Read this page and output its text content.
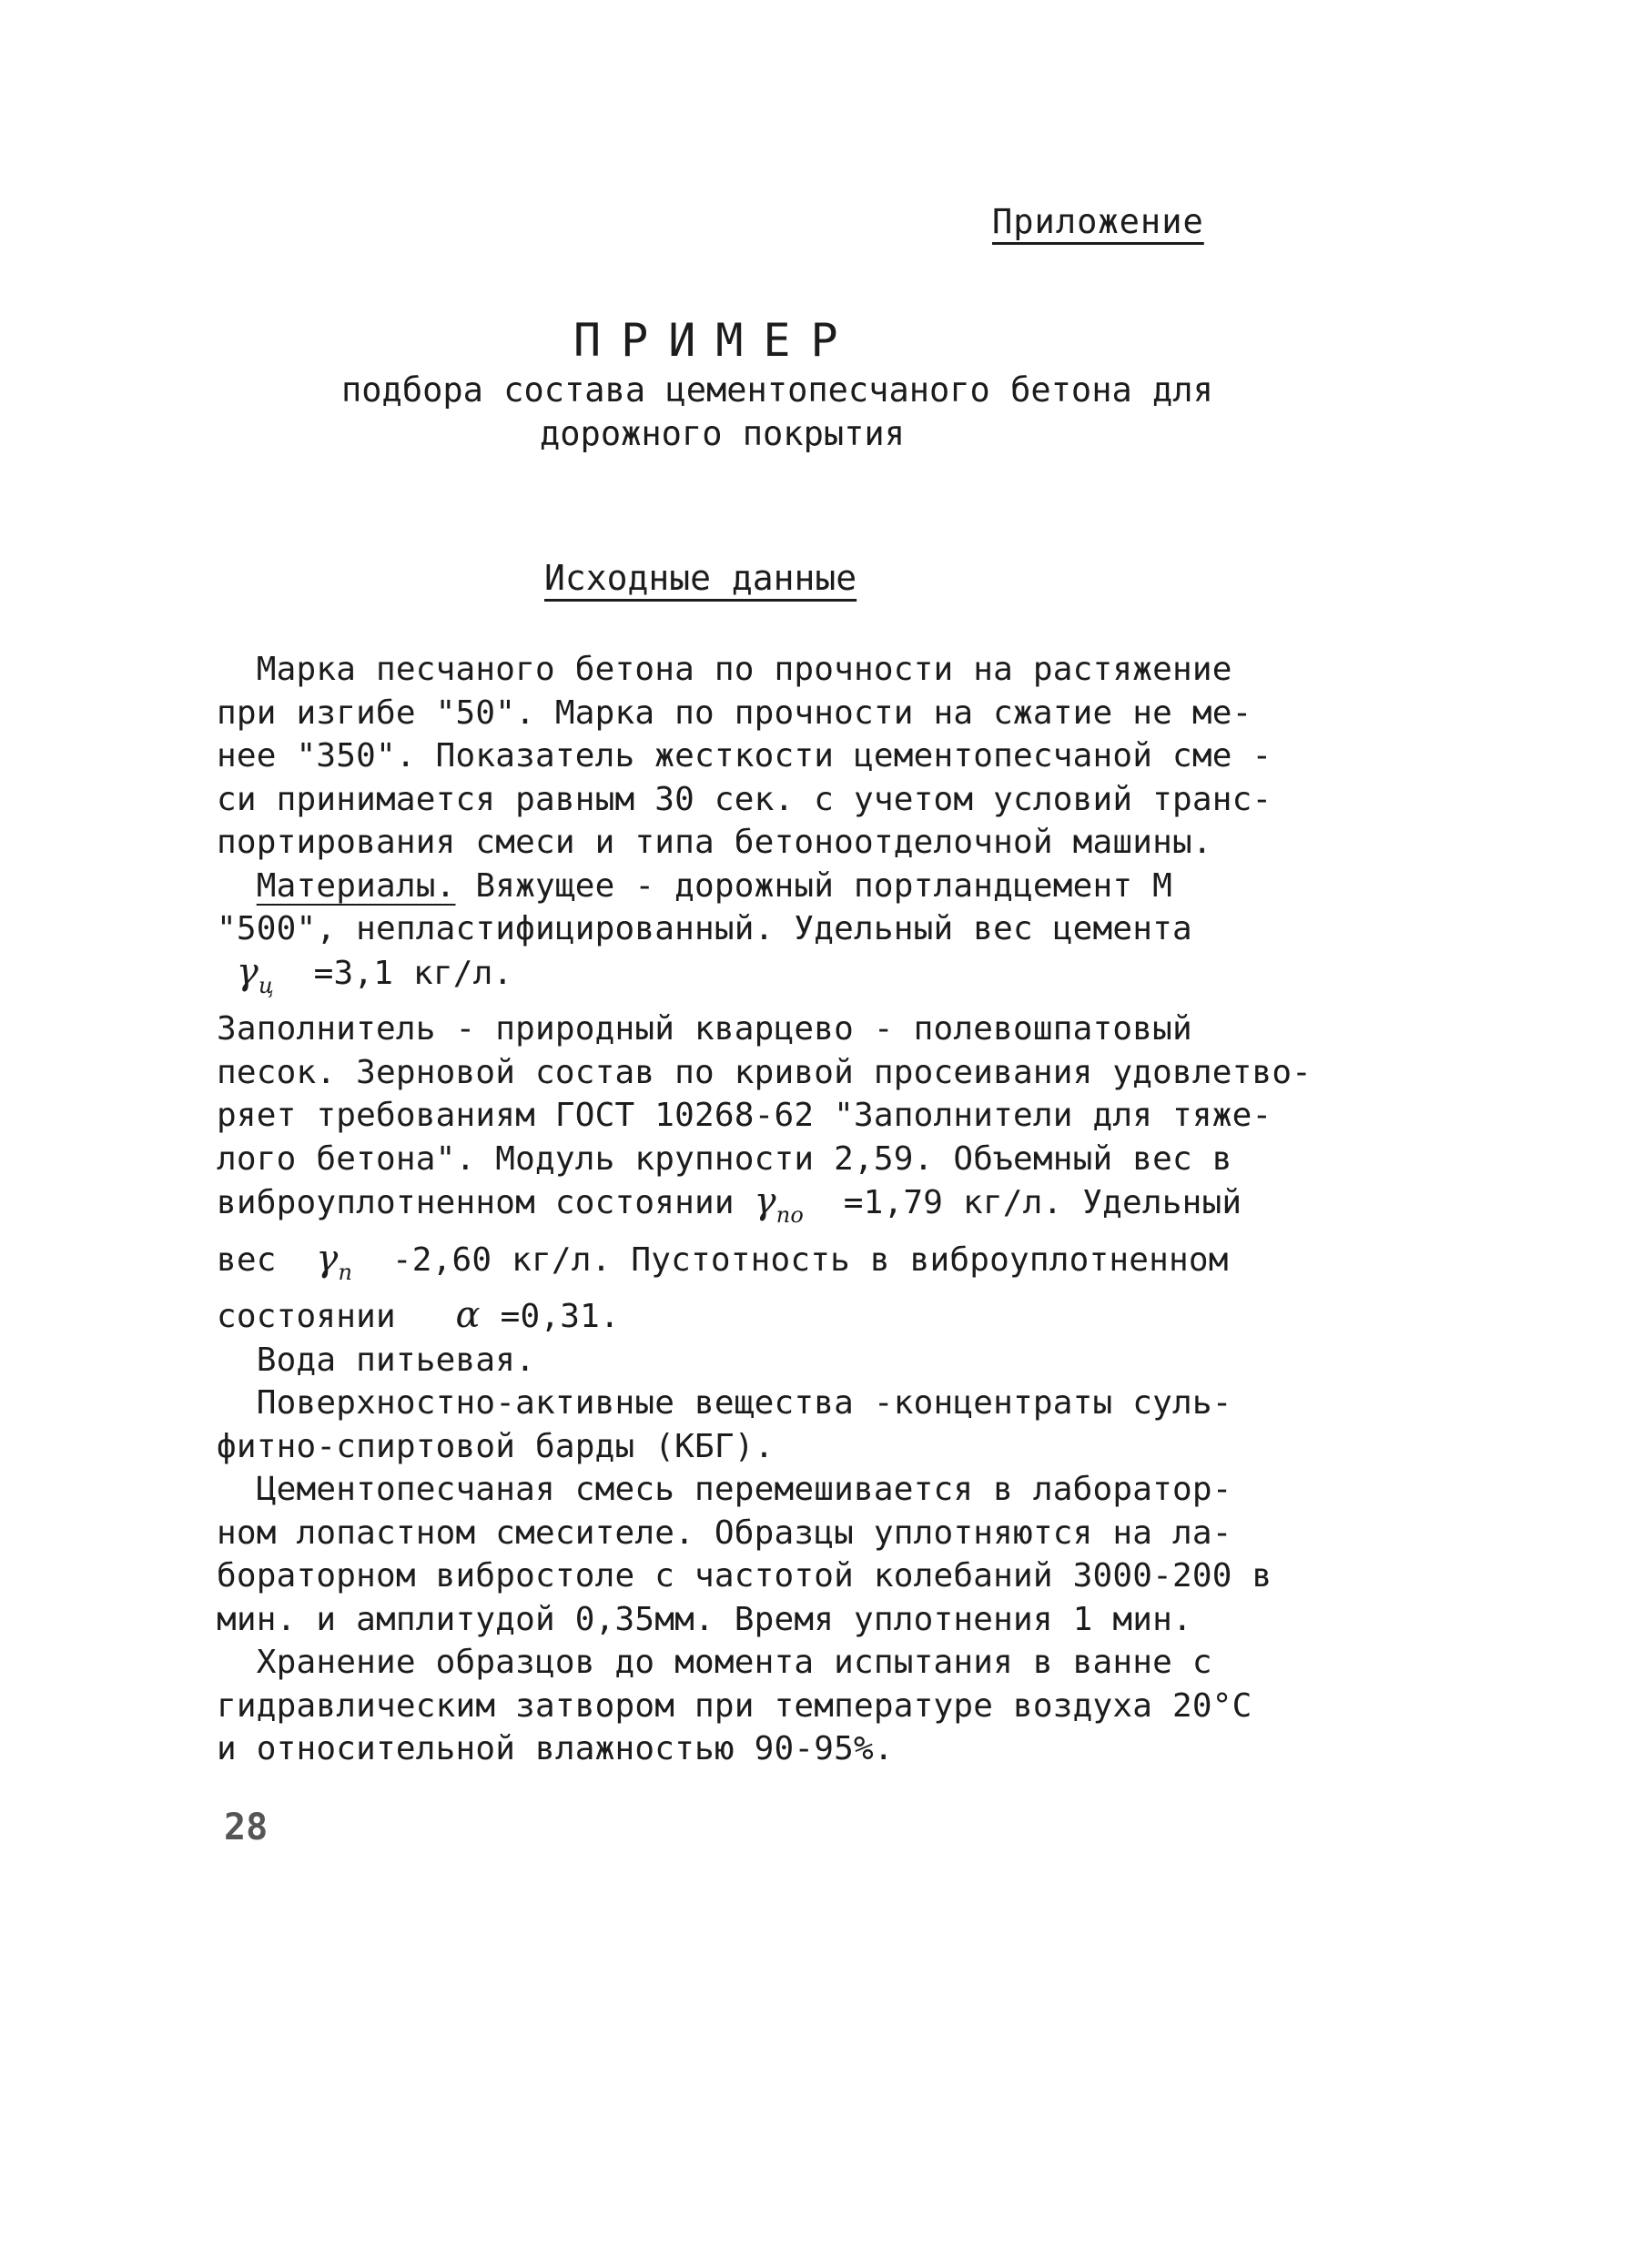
Приложение
ПРИМЕР
подбора состава цементопесчаного бетона для
дорожного покрытия
Исходные данные
Марка песчаного бетона по прочности на растяжение
при изгибе "50". Марка по прочности на сжатие не ме-
нее "350". Показатель жесткости цементопесчаной сме -
си принимается равным 30 сек. с учетом условий транс-
портирования смеси и типа бетоноотделочной машины.
Материалы. Вяжущее - дорожный портландцемент М
"500", непластифицированный. Удельный вес цемента
$\gamma_ц =3,1$ кг/л.
Заполнитель - природный кварцево - полевошпатовый
песок. Зерновой состав по кривой просеивания удовлетво-
ряет требованиям ГОСТ 10268-62 "Заполнители для тяже-
лого бетона". Модуль крупности 2,59. Объемный вес в
виброуплотненном состоянии $\gamma_{по} =1,79$ кг/л. Удельный
вес  $\gamma_п$  -2,60 кг/л. Пустотность в виброуплотненном
состоянии   α =0,31.
Вода питьевая.
Поверхностно-активные вещества -концентраты суль-
фитно-спиртовой барды (КБГ).
Цементопесчаная смесь перемешивается в лаборатор-
ном лопастном смесителе. Образцы уплотняются на ла-
бораторном вибростоле с частотой колебаний 3000-200 в
мин. и амплитудой 0,35мм. Время уплотнения 1 мин.
Хранение образцов до момента испытания в ванне с
гидравлическим затвором при температуре воздуха 20°С
и относительной влажностью 90-95%.
28
